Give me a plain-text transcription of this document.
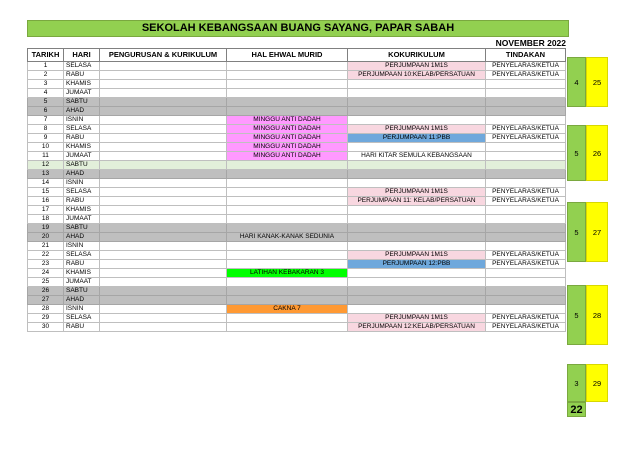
SEKOLAH KEBANGSAAN BUANG SAYANG, PAPAR SABAH
NOVEMBER 2022
TARIKH	HARI	PENGURUSAN & KURIKULUM	HAL EHWAL MURID	KOKURIKULUM	TINDAKAN
1	SELASA			PERJUMPAAN 1M1S	PENYELARAS/KETUA
2	RABU			PERJUMPAAN 10:KELAB/PERSATUAN	PENYELARAS/KETUA
3	KHAMIS				
4	JUMAAT				
5	SABTU				
6	AHAD				
7	ISNIN		MINGGU ANTI DADAH		
8	SELASA		MINGGU ANTI DADAH	PERJUMPAAN 1M1S	PENYELARAS/KETUA
9	RABU		MINGGU ANTI DADAH	PERJUMPAAN 11:PBB	PENYELARAS/KETUA
10	KHAMIS		MINGGU ANTI DADAH		
11	JUMAAT		MINGGU ANTI DADAH	HARI KITAR SEMULA KEBANGSAAN	
12	SABTU				
13	AHAD				
14	ISNIN				
15	SELASA			PERJUMPAAN 1M1S	PENYELARAS/KETUA
16	RABU			PERJUMPAAN 11: KELAB/PERSATUAN	PENYELARAS/KETUA
17	KHAMIS				
18	JUMAAT				
19	SABTU				
20	AHAD		HARI KANAK-KANAK SEDUNIA		
21	ISNIN				
22	SELASA			PERJUMPAAN 1M1S	PENYELARAS/KETUA
23	RABU			PERJUMPAAN 12:PBB	PENYELARAS/KETUA
24	KHAMIS		LATIHAN KEBAKARAN 3		
25	JUMAAT				
26	SABTU				
27	AHAD				
28	ISNIN		CAKNA 7		
29	SELASA			PERJUMPAAN 1M1S	PENYELARAS/KETUA
30	RABU			PERJUMPAAN 12:KELAB/PERSATUAN	PENYELARAS/KETUA
4	25
5	26
5	27
5	28
3	29
22
